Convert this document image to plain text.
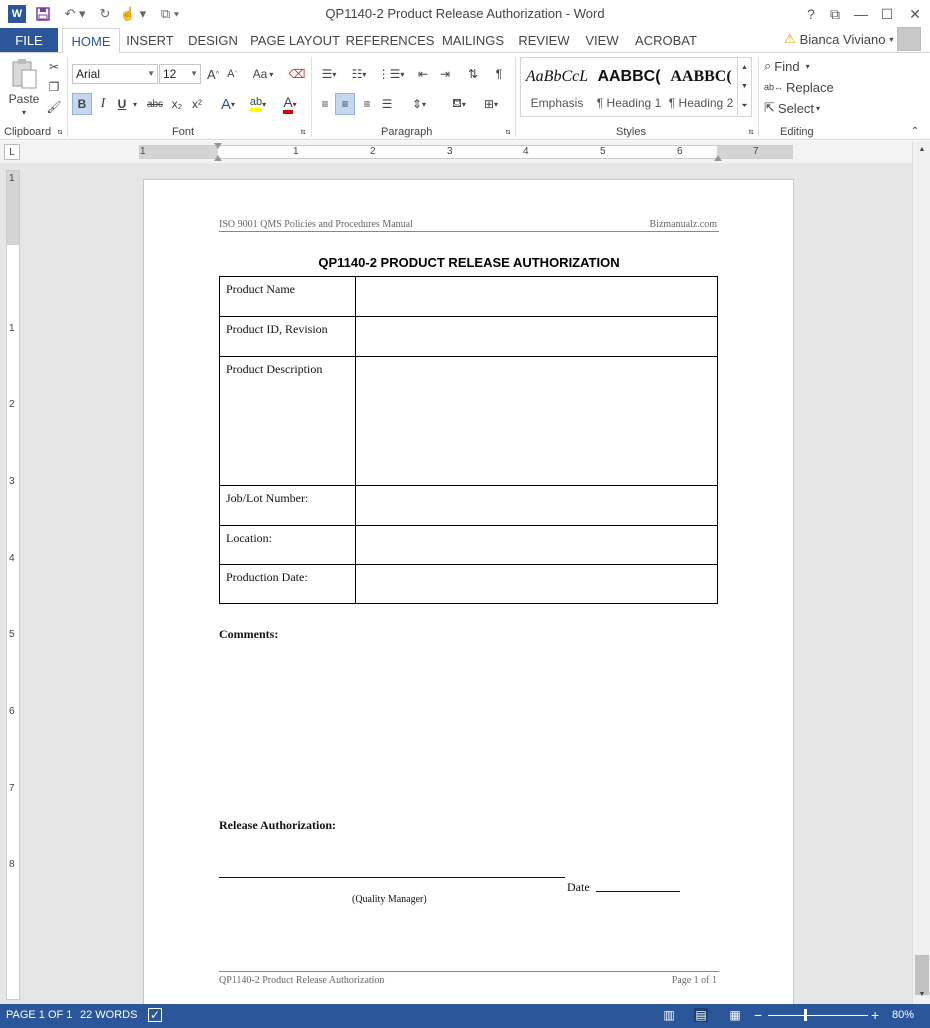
W	↶ ▾	↻ ☝ ▾	⧉ ▾	QP1140-2 Product Release Authorization - Word	?	⧉	— ☐	✕
FILE	HOME	INSERT	DESIGN PAGE LAYOUT REFERENCES MAILINGS REVIEW	VIEW	ACROBAT	⚠ Bianca Viviano ▾
Paste
▾
✂
❐
🖌
Clipboard ⧅
Arial	▼ 12 ▼ A ^ A ˇ Aa ▾ ⌫
B	I	U ▾ abc x₂ x² A ▾ ab ▾ A ▾
Font	⧅
☰ ▾	☷ ▾ ⋮☰ ▾	⇤ ⇥	⇅	¶
≡	≡	≡ ☰	⇕ ▾	⛾ ▾	⊞ ▾
Paragraph	⧅
AaBbCcL
Emphasis
AABBC(
¶ Heading 1
AABBC(
¶ Heading 2
▲
▼
⏷
Styles	⧅
⌕ Find ▾
ab↔ Replace
⇱ Select ▾
Editing	⌃
L	1	1	2	3	4	5	6	7
ISO 9001 QMS Policies and Procedures Manual	Bizmanualz.com
QP1140-2 PRODUCT RELEASE AUTHORIZATION
Product Name	
Product ID, Revision	
Product Description	
Job/Lot Number:	
Location:	
Production Date:	
Comments:
Release Authorization:
Date
(Quality Manager)
QP1140-2 Product Release Authorization	Page 1 of 1
1
1
2
3
4
5
6
7
8
▲
▼
PAGE 1 OF 1 22 WORDS ✓	▥ ▤ ▦ −	+ 80%
